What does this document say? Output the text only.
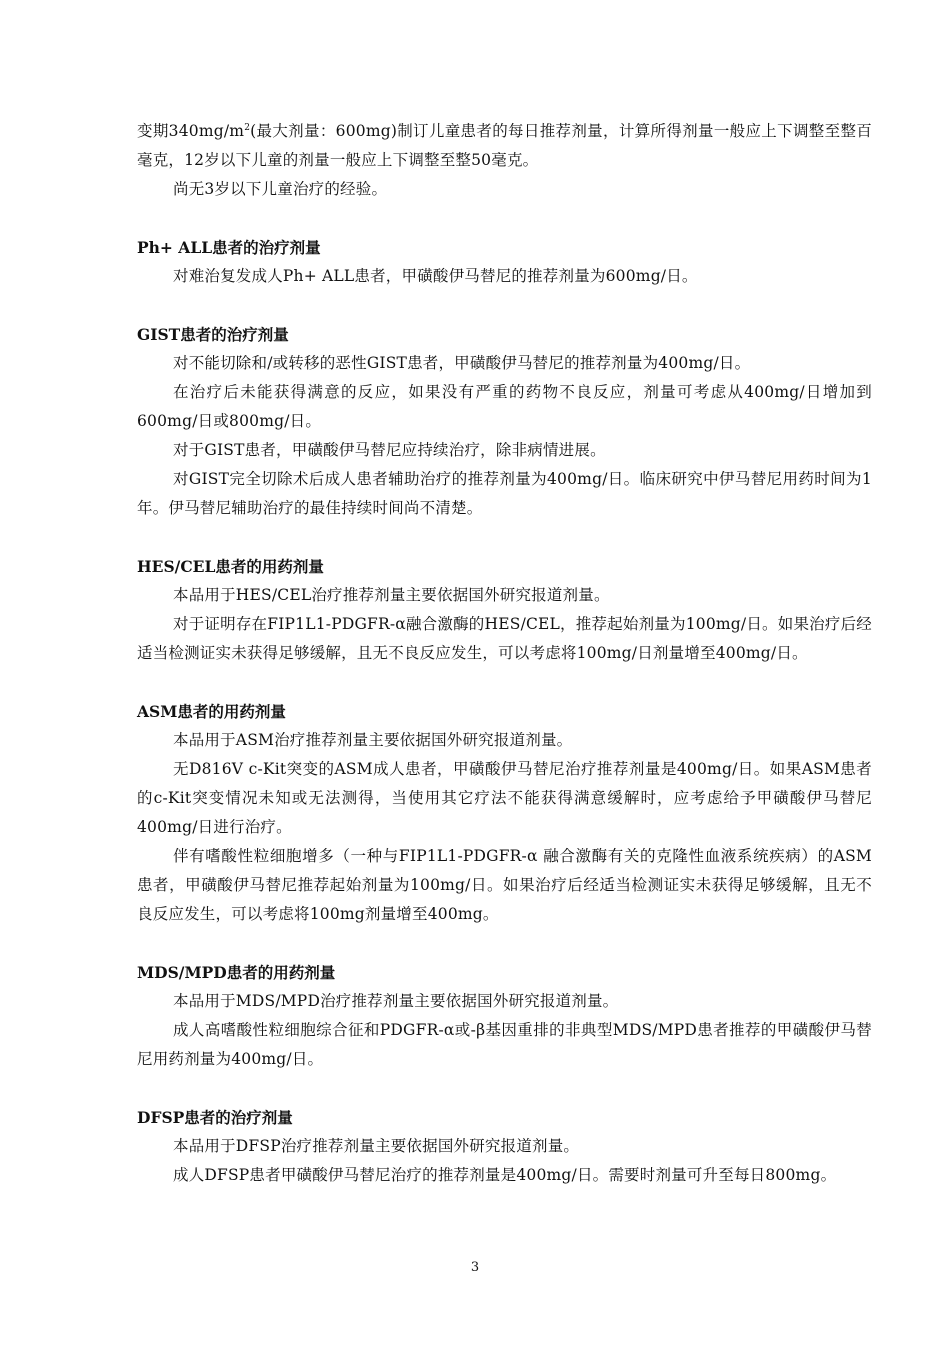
变期$340mg/m^2$(最大剂量：600mg)制订儿童患者的每日推荐剂量，计算所得剂量一般应上下调整至整百毫克，12岁以下儿童的剂量一般应上下调整至整50毫克。

尚无3岁以下儿童治疗的经验。

Ph+ ALL患者的治疗剂量

对难治复发成人Ph+ ALL患者，甲磺酸伊马替尼的推荐剂量为600mg/日。

GIST患者的治疗剂量

对不能切除和/或转移的恶性GIST患者，甲磺酸伊马替尼的推荐剂量为400mg/日。

在治疗后未能获得满意的反应，如果没有严重的药物不良反应，剂量可考虑从400mg/日增加到600mg/日或800mg/日。

对于GIST患者，甲磺酸伊马替尼应持续治疗，除非病情进展。

对GIST完全切除术后成人患者辅助治疗的推荐剂量为400mg/日。临床研究中伊马替尼用药时间为1年。伊马替尼辅助治疗的最佳持续时间尚不清楚。

HES/CEL患者的用药剂量

本品用于HES/CEL治疗推荐剂量主要依据国外研究报道剂量。

对于证明存在FIP1L1-PDGFR-α融合激酶的HES/CEL，推荐起始剂量为100mg/日。如果治疗后经适当检测证实未获得足够缓解，且无不良反应发生，可以考虑将100mg/日剂量增至400mg/日。

ASM患者的用药剂量

本品用于ASM治疗推荐剂量主要依据国外研究报道剂量。

无D816V c-Kit突变的ASM成人患者，甲磺酸伊马替尼治疗推荐剂量是400mg/日。如果ASM患者的c-Kit突变情况未知或无法测得，当使用其它疗法不能获得满意缓解时，应考虑给予甲磺酸伊马替尼400mg/日进行治疗。

伴有嗜酸性粒细胞增多（一种与FIP1L1-PDGFR-α 融合激酶有关的克隆性血液系统疾病）的ASM患者，甲磺酸伊马替尼推荐起始剂量为100mg/日。如果治疗后经适当检测证实未获得足够缓解，且无不良反应发生，可以考虑将100mg剂量增至400mg。

MDS/MPD患者的用药剂量

本品用于MDS/MPD治疗推荐剂量主要依据国外研究报道剂量。

成人高嗜酸性粒细胞综合征和PDGFR-α或-β基因重排的非典型MDS/MPD患者推荐的甲磺酸伊马替尼用药剂量为400mg/日。

DFSP患者的治疗剂量

本品用于DFSP治疗推荐剂量主要依据国外研究报道剂量。

成人DFSP患者甲磺酸伊马替尼治疗的推荐剂量是400mg/日。需要时剂量可升至每日800mg。

3
